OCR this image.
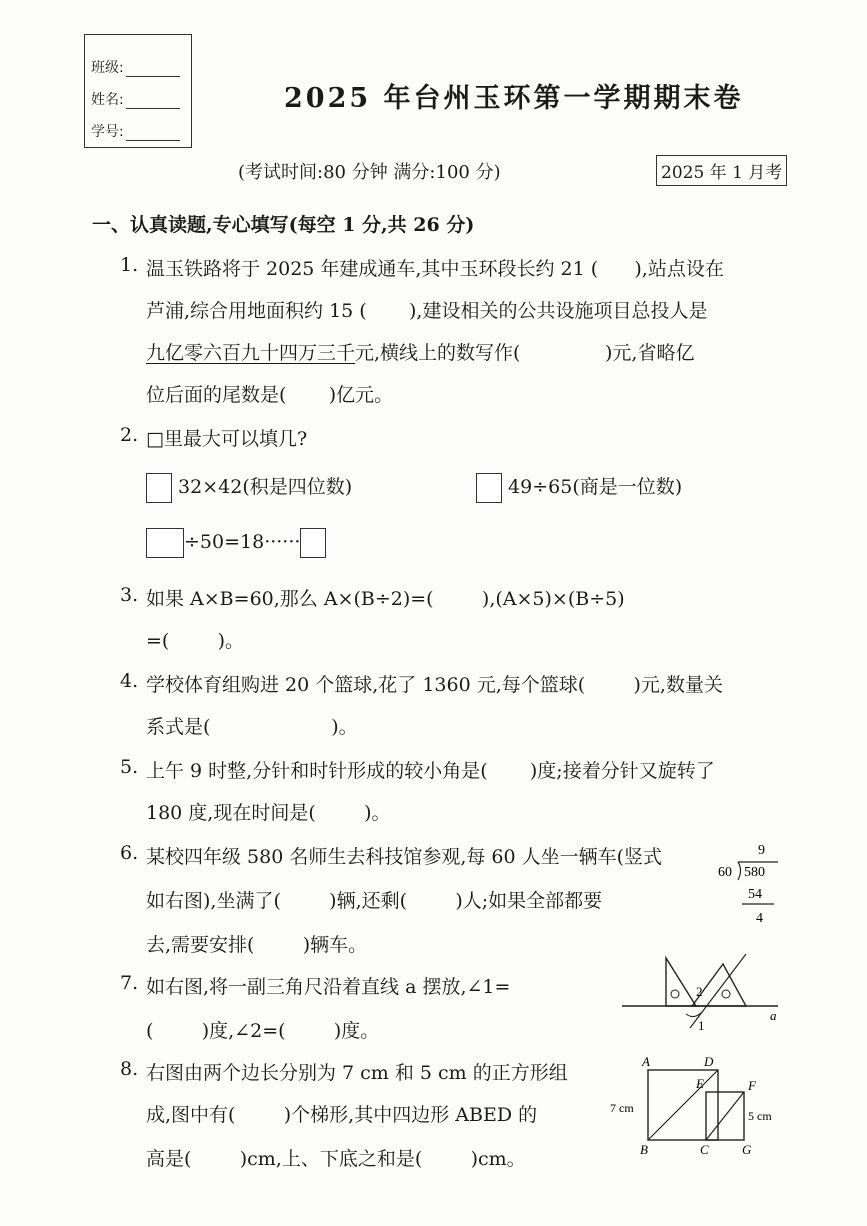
班级:
姓名:
学号:
2025 年台州玉环第一学期期末卷
(考试时间:80 分钟 满分:100 分)	2025 年 1 月考
一、认真读题,专心填写(每空 1 分,共 26 分)
1. 温玉铁路将于 2025 年建成通车,其中玉环段长约 21 (      ),站点设在
芦浦,综合用地面积约 15 (       ),建设相关的公共设施项目总投人是
九亿零六百九十四万三千元,横线上的数写作(              )元,省略亿
位后面的尾数是(       )亿元。
2. □里最大可以填几?
32×42(积是四位数)	49÷65(商是一位数)
÷50=18······
3. 如果 A×B=60,那么 A×(B÷2)=(        ),(A×5)×(B÷5)
=(        )。
4. 学校体育组购进 20 个篮球,花了 1360 元,每个篮球(        )元,数量关
系式是(                    )。
5. 上午 9 时整,分针和时针形成的较小角是(       )度;接着分针又旋转了
180 度,现在时间是(        )。
6. 某校四年级 580 名师生去科技馆参观,每 60 人坐一辆车(竖式
如右图),坐满了(        )辆,还剩(        )人;如果全部都要
去,需要安排(        )辆车。
9
60 580
54
4
7. 如右图,将一副三角尺沿着直线 a 摆放,∠1=
(        )度,∠2=(        )度。
a
1
2
8. 右图由两个边长分别为 7 cm 和 5 cm 的正方形组
成,图中有(        )个梯形,其中四边形 ABED 的
高是(        )cm,上、下底之和是(        )cm。
A	D
E	F
B	C	G
7 cm
5 cm
